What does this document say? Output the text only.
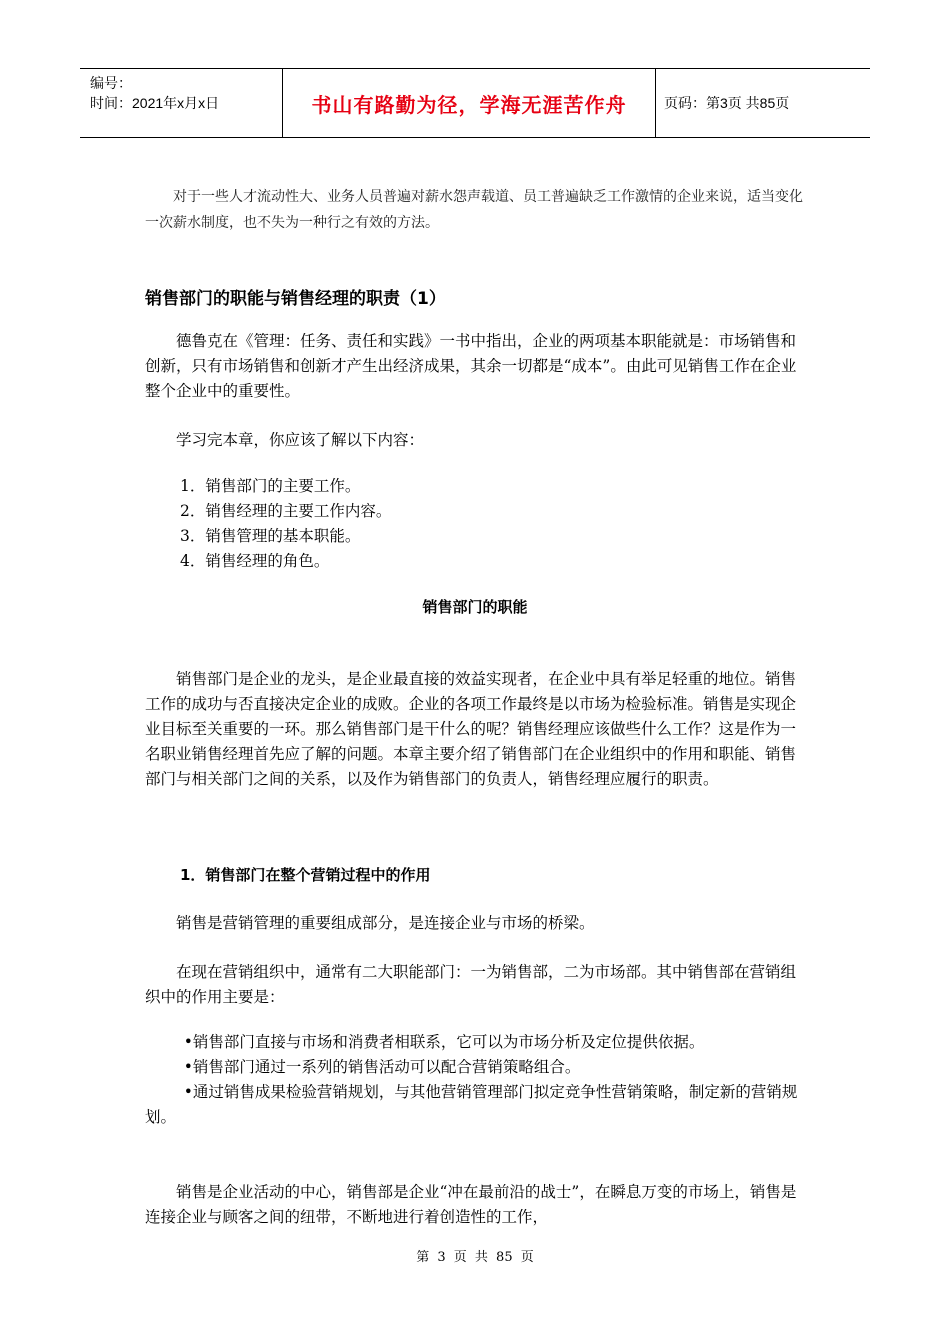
编号：
时间：2021年x月x日	书山有路勤为径，学海无涯苦作舟	页码：第3页 共85页

对于一些人才流动性大、业务人员普遍对薪水怨声载道、员工普遍缺乏工作激情的企业来说，适当变化一次薪水制度，也不失为一种行之有效的方法。

销售部门的职能与销售经理的职责（1）

德鲁克在《管理：任务、责任和实践》一书中指出，企业的两项基本职能就是：市场销售和创新，只有市场销售和创新才产生出经济成果，其余一切都是“成本”。由此可见销售工作在企业整个企业中的重要性。

学习完本章，你应该了解以下内容：

1．销售部门的主要工作。
2．销售经理的主要工作内容。
3．销售管理的基本职能。
4．销售经理的角色。
销售部门的职能

销售部门是企业的龙头，是企业最直接的效益实现者，在企业中具有举足轻重的地位。销售工作的成功与否直接决定企业的成败。企业的各项工作最终是以市场为检验标准。销售是实现企业目标至关重要的一环。那么销售部门是干什么的呢？销售经理应该做些什么工作？这是作为一名职业销售经理首先应了解的问题。本章主要介绍了销售部门在企业组织中的作用和职能、销售部门与相关部门之间的关系，以及作为销售部门的负责人，销售经理应履行的职责。

1．销售部门在整个营销过程中的作用

销售是营销管理的重要组成部分，是连接企业与市场的桥梁。

在现在营销组织中，通常有二大职能部门：一为销售部，二为市场部。其中销售部在营销组织中的作用主要是：

•销售部门直接与市场和消费者相联系，它可以为市场分析及定位提供依据。
•销售部门通过一系列的销售活动可以配合营销策略组合。
•通过销售成果检验营销规划，与其他营销管理部门拟定竞争性营销策略，制定新的营销规划。

销售是企业活动的中心，销售部是企业“冲在最前沿的战士”，在瞬息万变的市场上，销售是连接企业与顾客之间的纽带，不断地进行着创造性的工作，

第 3 页 共 85 页
